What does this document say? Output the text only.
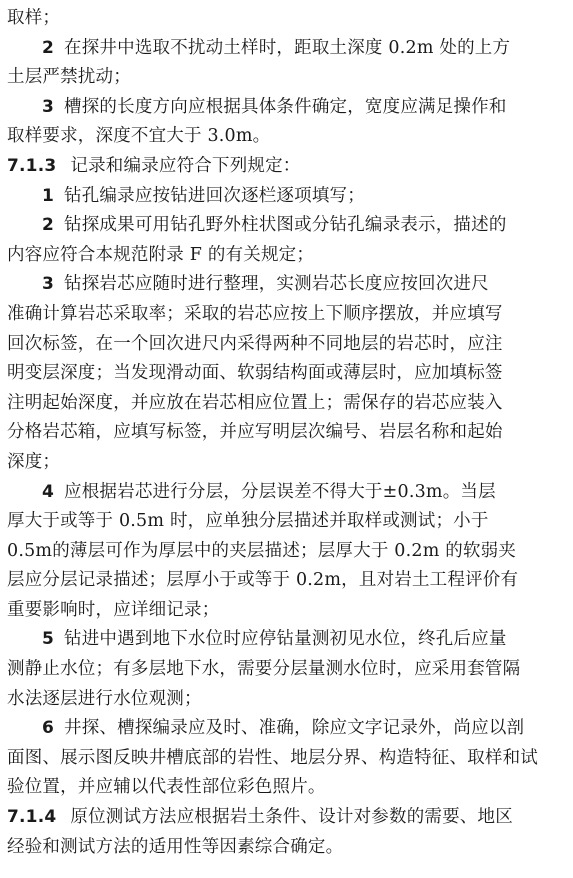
取样；
2 在探井中选取不扰动土样时，距取土深度 0.2m 处的上方
土层严禁扰动；
3 槽探的长度方向应根据具体条件确定，宽度应满足操作和
取样要求，深度不宜大于 3.0m。
7.1.3 记录和编录应符合下列规定：
1 钻孔编录应按钻进回次逐栏逐项填写；
2 钻探成果可用钻孔野外柱状图或分钻孔编录表示，描述的
内容应符合本规范附录 F 的有关规定；
3 钻探岩芯应随时进行整理，实测岩芯长度应按回次进尺
准确计算岩芯采取率；采取的岩芯应按上下顺序摆放，并应填写
回次标签，在一个回次进尺内采得两种不同地层的岩芯时，应注
明变层深度；当发现滑动面、软弱结构面或薄层时，应加填标签
注明起始深度，并应放在岩芯相应位置上；需保存的岩芯应装入
分格岩芯箱，应填写标签，并应写明层次编号、岩层名称和起始
深度；
4 应根据岩芯进行分层，分层误差不得大于±0.3m。当层
厚大于或等于 0.5m 时，应单独分层描述并取样或测试；小于
0.5m的薄层可作为厚层中的夹层描述；层厚大于 0.2m 的软弱夹
层应分层记录描述；层厚小于或等于 0.2m，且对岩土工程评价有
重要影响时，应详细记录；
5 钻进中遇到地下水位时应停钻量测初见水位，终孔后应量
测静止水位；有多层地下水，需要分层量测水位时，应采用套管隔
水法逐层进行水位观测；
6 井探、槽探编录应及时、准确，除应文字记录外，尚应以剖
面图、展示图反映井槽底部的岩性、地层分界、构造特征、取样和试
验位置，并应辅以代表性部位彩色照片。
7.1.4 原位测试方法应根据岩土条件、设计对参数的需要、地区
经验和测试方法的适用性等因素综合确定。
